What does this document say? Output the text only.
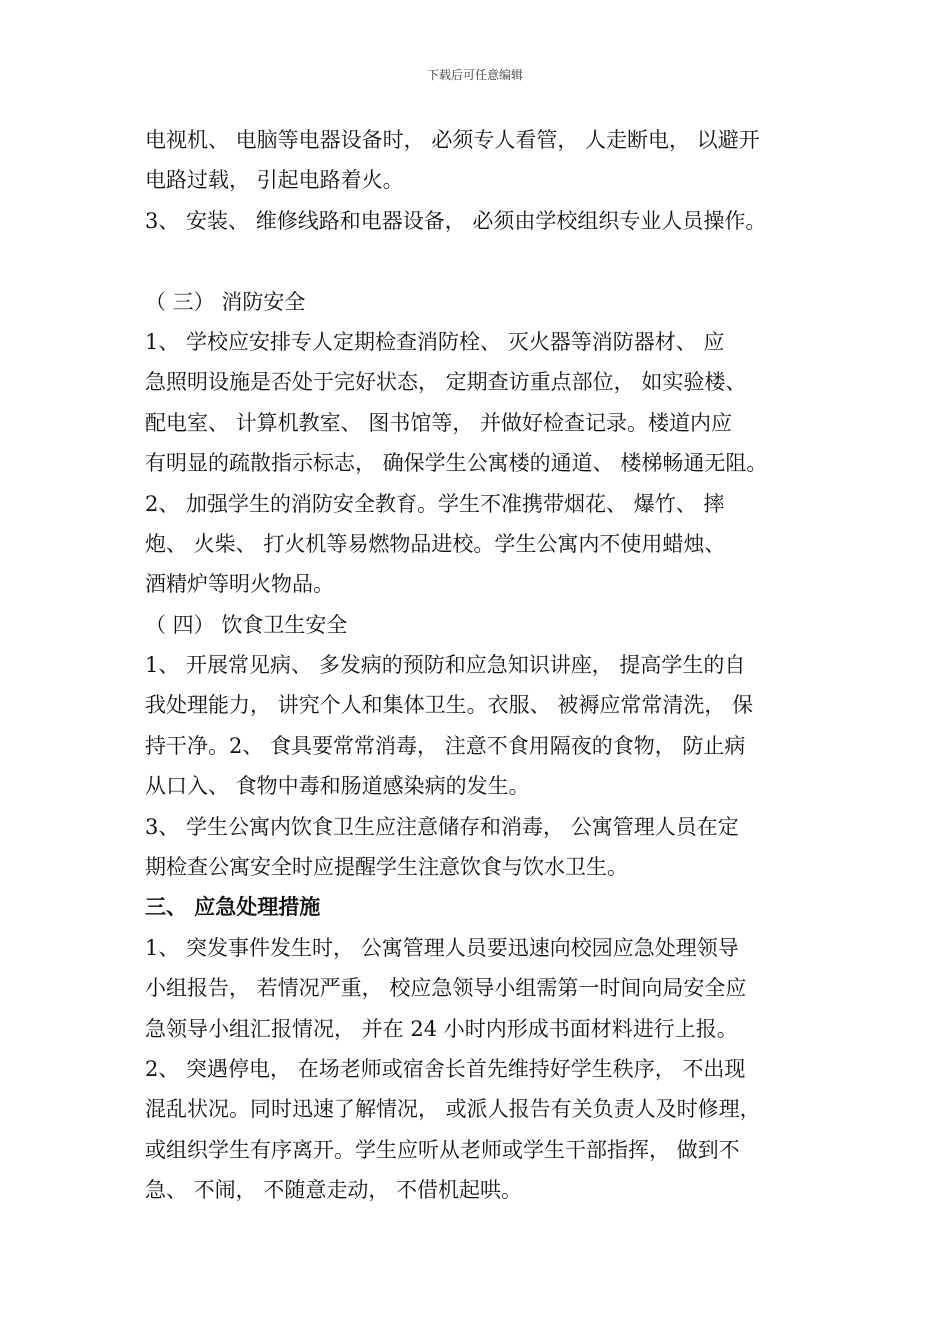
下载后可任意编辑
电视机、 电脑等电器设备时， 必须专人看管， 人走断电， 以避开
电路过载， 引起电路着火。
3、 安装、 维修线路和电器设备， 必须由学校组织专业人员操作。
（ 三） 消防安全
1、 学校应安排专人定期检查消防栓、 灭火器等消防器材、 应
急照明设施是否处于完好状态， 定期查访重点部位， 如实验楼、
配电室、 计算机教室、 图书馆等， 并做好检查记录。楼道内应
有明显的疏散指示标志， 确保学生公寓楼的通道、 楼梯畅通无阻。
2、 加强学生的消防安全教育。学生不准携带烟花、 爆竹、 摔
炮、 火柴、 打火机等易燃物品进校。学生公寓内不使用蜡烛、
酒精炉等明火物品。
（ 四） 饮食卫生安全
1、 开展常见病、 多发病的预防和应急知识讲座， 提高学生的自
我处理能力， 讲究个人和集体卫生。衣服、 被褥应常常清洗， 保
持干净。2、 食具要常常消毒， 注意不食用隔夜的食物， 防止病
从口入、 食物中毒和肠道感染病的发生。
3、 学生公寓内饮食卫生应注意储存和消毒， 公寓管理人员在定
期检查公寓安全时应提醒学生注意饮食与饮水卫生。
三、 应急处理措施
1、 突发事件发生时， 公寓管理人员要迅速向校园应急处理领导
小组报告， 若情况严重， 校应急领导小组需第一时间向局安全应
急领导小组汇报情况， 并在 24 小时内形成书面材料进行上报。
2、 突遇停电， 在场老师或宿舍长首先维持好学生秩序， 不出现
混乱状况。同时迅速了解情况， 或派人报告有关负责人及时修理，
或组织学生有序离开。学生应听从老师或学生干部指挥， 做到不
急、 不闹， 不随意走动， 不借机起哄。
